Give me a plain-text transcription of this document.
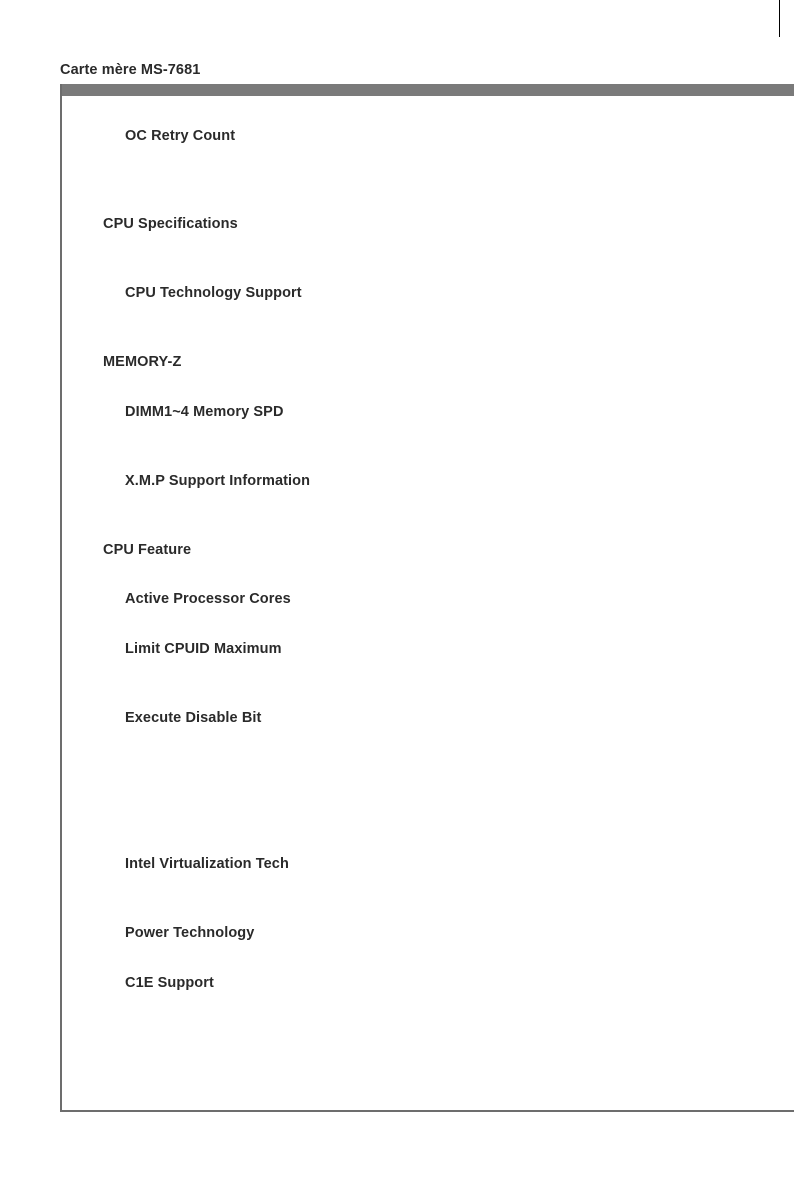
Carte mère MS-7681
OC Retry Count
CPU Specifications
CPU Technology Support
MEMORY-Z
DIMM1~4 Memory SPD
X.M.P Support Information
CPU Feature
Active Processor Cores
Limit CPUID Maximum
Execute Disable Bit
Intel Virtualization Tech
Power Technology
C1E Support
